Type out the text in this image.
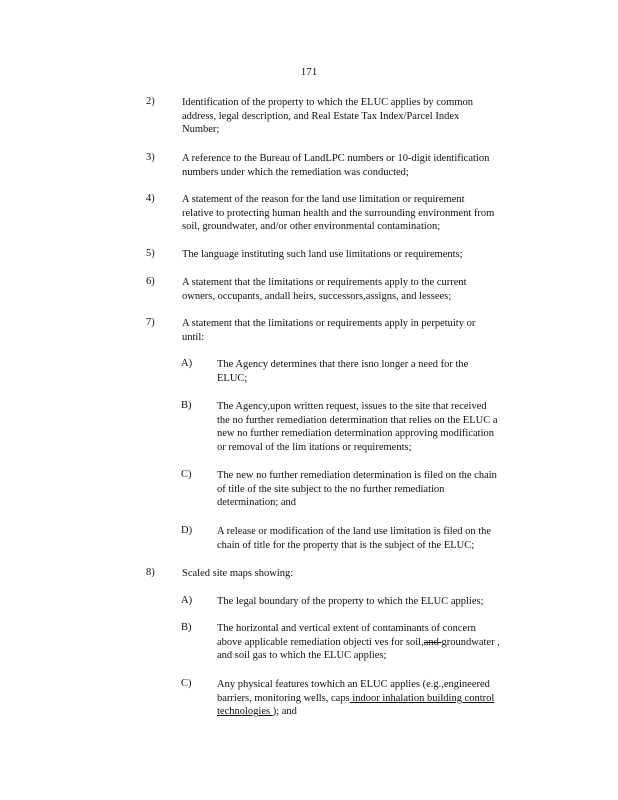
171
2)	Identification of the property to which the ELUC applies by common
address, legal description, and Real Estate Tax Index/Parcel Index
Number;
3)	A reference to the Bureau of LandLPC numbers or 10-digit identification
numbers under which the remediation was conducted;
4)	A statement of the reason for the land use limitation or requirement
relative to protecting human health and the surrounding environment from
soil, groundwater, and/or other environmental contamination;
5)	The language instituting such land use limitations or requirements;
6)	A statement that the limitations or requirements apply to the current
owners, occupants, andall heirs, successors,assigns, and lessees;
7)	A statement that the limitations or requirements apply in perpetuity or
until:
A) The Agency determines that there isno longer a need for the
ELUC;
B) The Agency,upon written request, issues to the site that received
the no further remediation determination that relies on the ELUC a
new no further remediation determination approving modification
or removal of the lim itations or requirements;
C) The new no further remediation determination is filed on the chain
of title of the site subject to the no further remediation
determination; and
D) A release or modification of the land use limitation is filed on the
chain of title for the property that is the subject of the ELUC;
8)	Scaled site maps showing:
A) The legal boundary of the property to which the ELUC applies;
B) The horizontal and vertical extent of contaminants of concern
above applicable remediation objecti ves for soil,and groundwater ,
and soil gas to which the ELUC applies;
C) Any physical features towhich an ELUC applies (e.g.,engineered
barriers, monitoring wells, caps indoor inhalation building control
technologies ); and
